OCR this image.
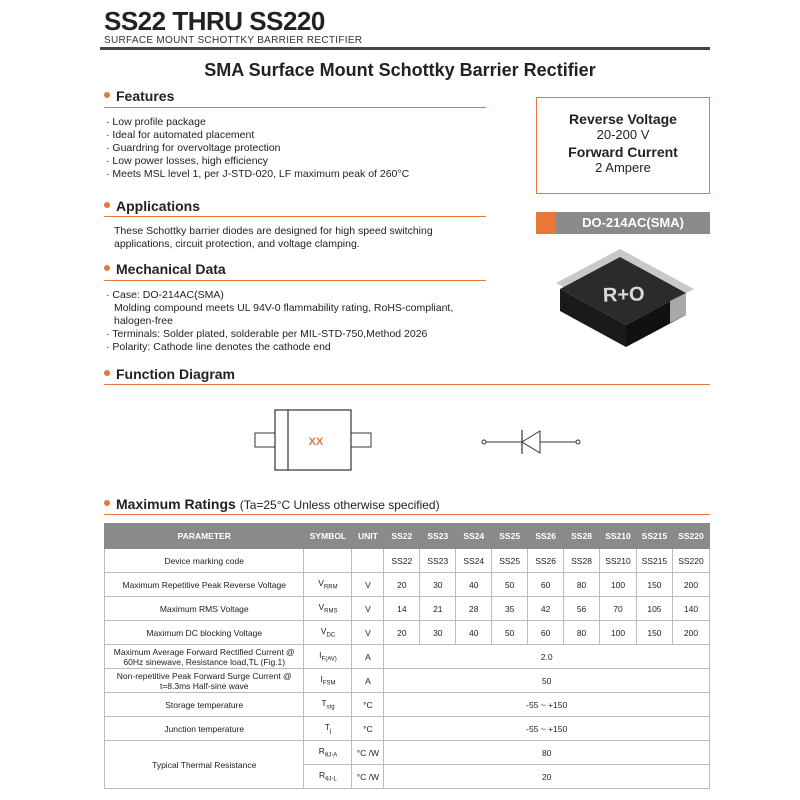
SS22 THRU SS220
SURFACE MOUNT SCHOTTKY BARRIER RECTIFIER
SMA Surface Mount Schottky Barrier Rectifier
Features
· Low profile package
· Ideal for automated placement
· Guardring for overvoltage protection
· Low power losses, high efficiency
· Meets MSL level 1, per J-STD-020, LF maximum peak of 260°C
Applications
These Schottky barrier diodes are designed for high speed switching applications, circuit protection, and voltage clamping.
Mechanical Data
· Case: DO-214AC(SMA)
Molding compound meets UL 94V-0 flammability rating, RoHS-compliant,
halogen-free
· Terminals: Solder plated, solderable per MIL-STD-750,Method 2026
· Polarity: Cathode line denotes the cathode end
Function Diagram
XX
Reverse Voltage
20-200 V
Forward Current
2 Ampere
DO-214AC(SMA)
R+O
Maximum Ratings (Ta=25°C Unless otherwise specified)
PARAMETER	SYMBOL	UNIT	SS22	SS23	SS24	SS25	SS26	SS28	SS210	SS215	SS220
Device marking code			SS22	SS23	SS24	SS25	SS26	SS28	SS210	SS215	SS220
Maximum Repetitive Peak Reverse Voltage	$V_{RRM}$	V	20	30	40	50	60	80	100	150	200
Maximum RMS Voltage	$V_{RMS}$	V	14	21	28	35	42	56	70	105	140
Maximum DC blocking Voltage	$V_{DC}$	V	20	30	40	50	60	80	100	150	200
Maximum Average Forward Rectified Current @ 60Hz sinewave, Resistance load,TL (Fig.1)	$I_{F(AV)}$	A	2.0								
Non-repetitive Peak Forward Surge Current @ t=8.3ms Half-sine wave	$I_{FSM}$	A	50								
Storage temperature	$T_{stg}$	°C	-55 ~ +150								
Junction temperature	$T_j$	°C	-55 ~ +150								
Typical Thermal Resistance	$R_{\theta J-A}$	°C /W	80								
	$R_{\theta J-L}$	°C /W	20								
